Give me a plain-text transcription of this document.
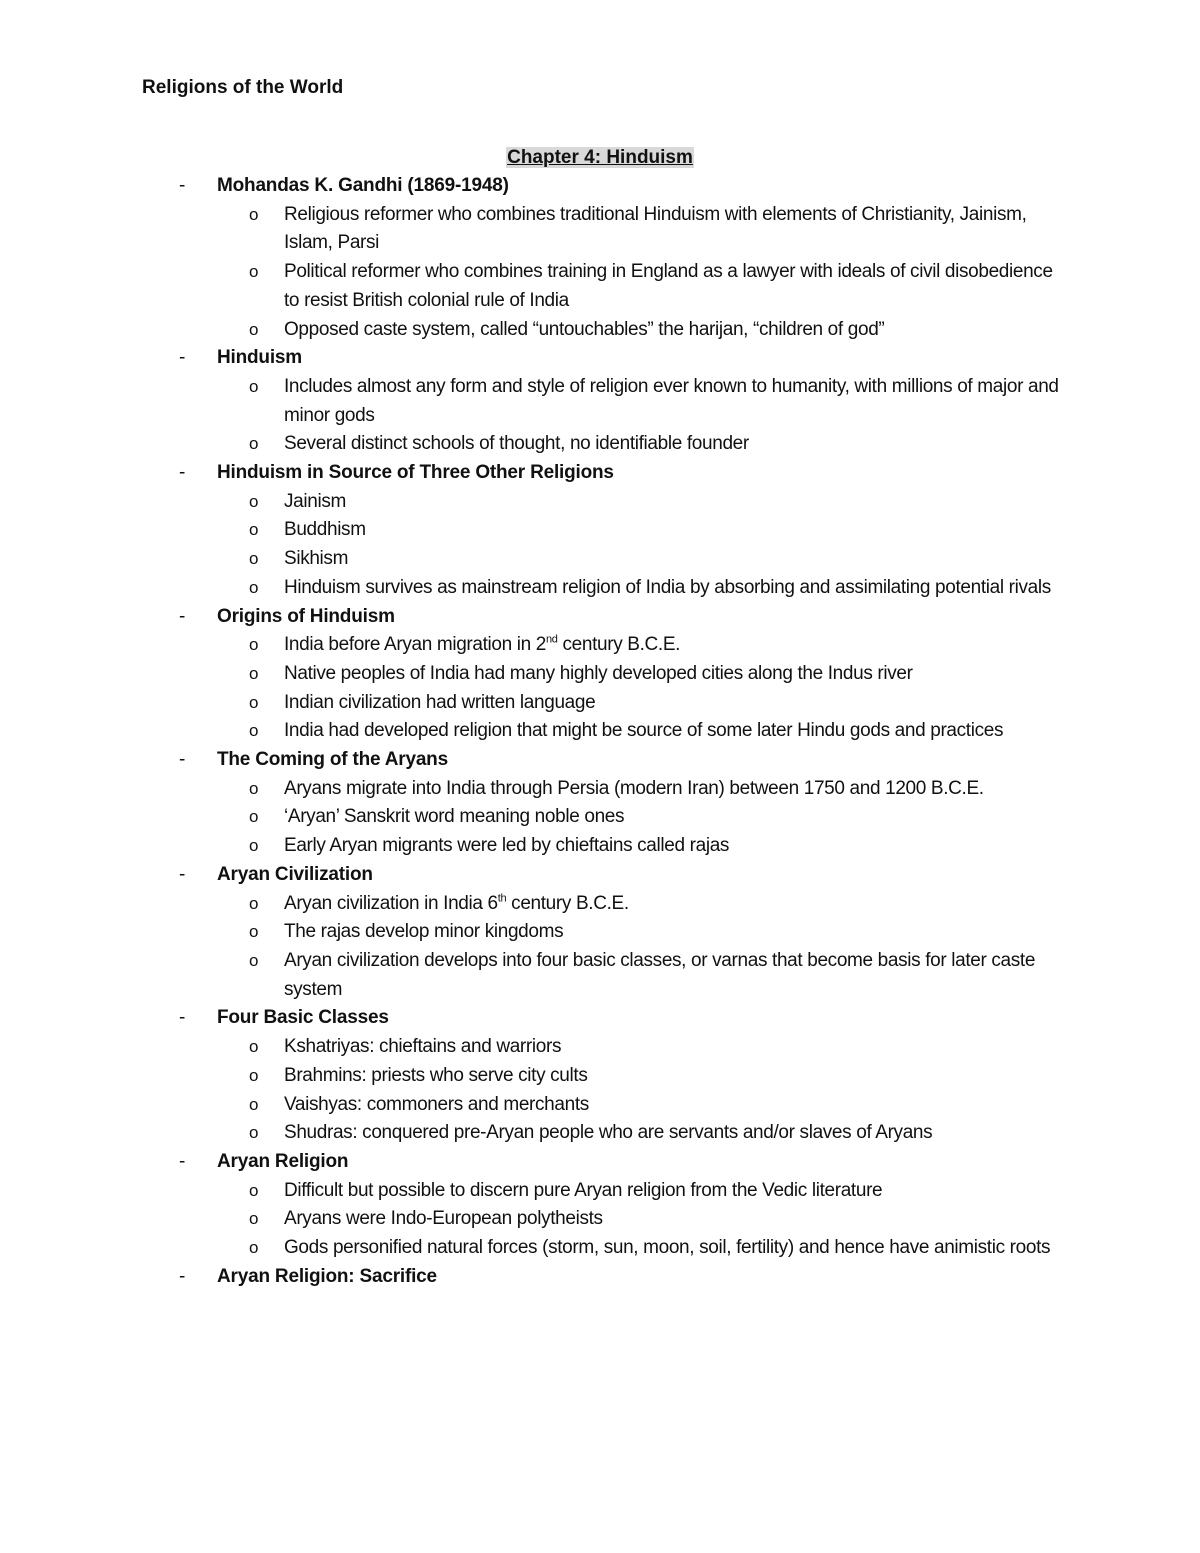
Religions of the World
Chapter 4: Hinduism
-	Mohandas K. Gandhi (1869-1948)
o	Religious reformer who combines traditional Hinduism with elements of Christianity, Jainism, Islam, Parsi
o	Political reformer who combines training in England as a lawyer with ideals of civil disobedience to resist British colonial rule of India
o	Opposed caste system, called “untouchables” the harijan, “children of god”
-	Hinduism
o	Includes almost any form and style of religion ever known to humanity, with millions of major and minor gods
o	Several distinct schools of thought, no identifiable founder
-	Hinduism in Source of Three Other Religions
o	Jainism
o	Buddhism
o	Sikhism
o	Hinduism survives as mainstream religion of India by absorbing and assimilating potential rivals
-	Origins of Hinduism
o	India before Aryan migration in 2nd century B.C.E.
o	Native peoples of India had many highly developed cities along the Indus river
o	Indian civilization had written language
o	India had developed religion that might be source of some later Hindu gods and practices
-	The Coming of the Aryans
o	Aryans migrate into India through Persia (modern Iran) between 1750 and 1200 B.C.E.
o	‘Aryan’ Sanskrit word meaning noble ones
o	Early Aryan migrants were led by chieftains called rajas
-	Aryan Civilization
o	Aryan civilization in India 6th century B.C.E.
o	The rajas develop minor kingdoms
o	Aryan civilization develops into four basic classes, or varnas that become basis for later caste system
-	Four Basic Classes
o	Kshatriyas: chieftains and warriors
o	Brahmins: priests who serve city cults
o	Vaishyas: commoners and merchants
o	Shudras: conquered pre-Aryan people who are servants and/or slaves of Aryans
-	Aryan Religion
o	Difficult but possible to discern pure Aryan religion from the Vedic literature
o	Aryans were Indo-European polytheists
o	Gods personified natural forces (storm, sun, moon, soil, fertility) and hence have animistic roots
-	Aryan Religion: Sacrifice
